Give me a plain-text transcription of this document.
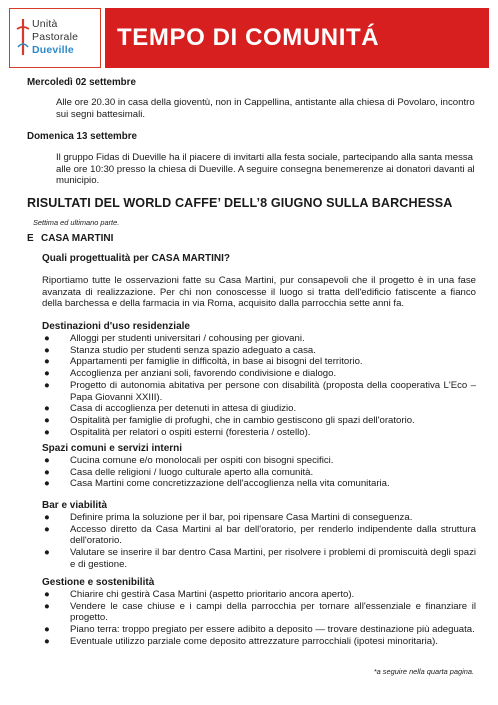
Unità
Pastorale
Dueville TEMPO DI COMUNITÁ
Mercoledì 02 settembre
Alle ore 20.30 in casa della gioventù, non in Cappellina, antistante alla chiesa di Povolaro, incontro sui segni battesimali.
Domenica 13 settembre
Il gruppo Fidas di Dueville ha il piacere di invitarti alla festa sociale, partecipando alla santa messa alle ore 10:30 presso la chiesa di Dueville. A seguire consegna benemerenze ai donatori davanti al municipio.
RISULTATI DEL WORLD CAFFE’ DELL’8 GIUGNO SULLA BARCHESSA
Settima ed ultimano parte.
E CASA MARTINI
Quali progettualità per CASA MARTINI?
Riportiamo tutte le osservazioni fatte su Casa Martini, pur consapevoli che il progetto è in una fase avanzata di realizzazione. Per chi non conoscesse il luogo si tratta dell'edificio fatiscente a fianco della barchessa e della farmacia in via Roma, acquisito dalla parrocchia sette anni fa.
Destinazioni d'uso residenziale
● Alloggi per studenti universitari / cohousing per giovani.
● Stanza studio per studenti senza spazio adeguato a casa.
● Appartamenti per famiglie in difficoltà, in base ai bisogni del territorio.
● Accoglienza per anziani soli, favorendo condivisione e dialogo.
● Progetto di autonomia abitativa per persone con disabilità (proposta della cooperativa L'Eco – Papa Giovanni XXIII).
● Casa di accoglienza per detenuti in attesa di giudizio.
● Ospitalità per famiglie di profughi, che in cambio gestiscono gli spazi dell'oratorio.
● Ospitalità per relatori o ospiti esterni (foresteria / ostello).
Spazi comuni e servizi interni
● Cucina comune e/o monolocali per ospiti con bisogni specifici.
● Casa delle religioni / luogo culturale aperto alla comunità.
● Casa Martini come concretizzazione dell'accoglienza nella vita comunitaria.
Bar e viabilità
● Definire prima la soluzione per il bar, poi ripensare Casa Martini di conseguenza.
● Accesso diretto da Casa Martini al bar dell'oratorio, per renderlo indipendente dalla struttura dell'oratorio.
● Valutare se inserire il bar dentro Casa Martini, per risolvere i problemi di promiscuità degli spazi e di gestione.
Gestione e sostenibilità
● Chiarire chi gestirà Casa Martini (aspetto prioritario ancora aperto).
● Vendere le case chiuse e i campi della parrocchia per tornare all'essenziale e finanziare il progetto.
● Piano terra: troppo pregiato per essere adibito a deposito — trovare destinazione più adeguata.
● Eventuale utilizzo parziale come deposito attrezzature parrocchiali (ipotesi minoritaria).
*a seguire nella quarta pagina.
